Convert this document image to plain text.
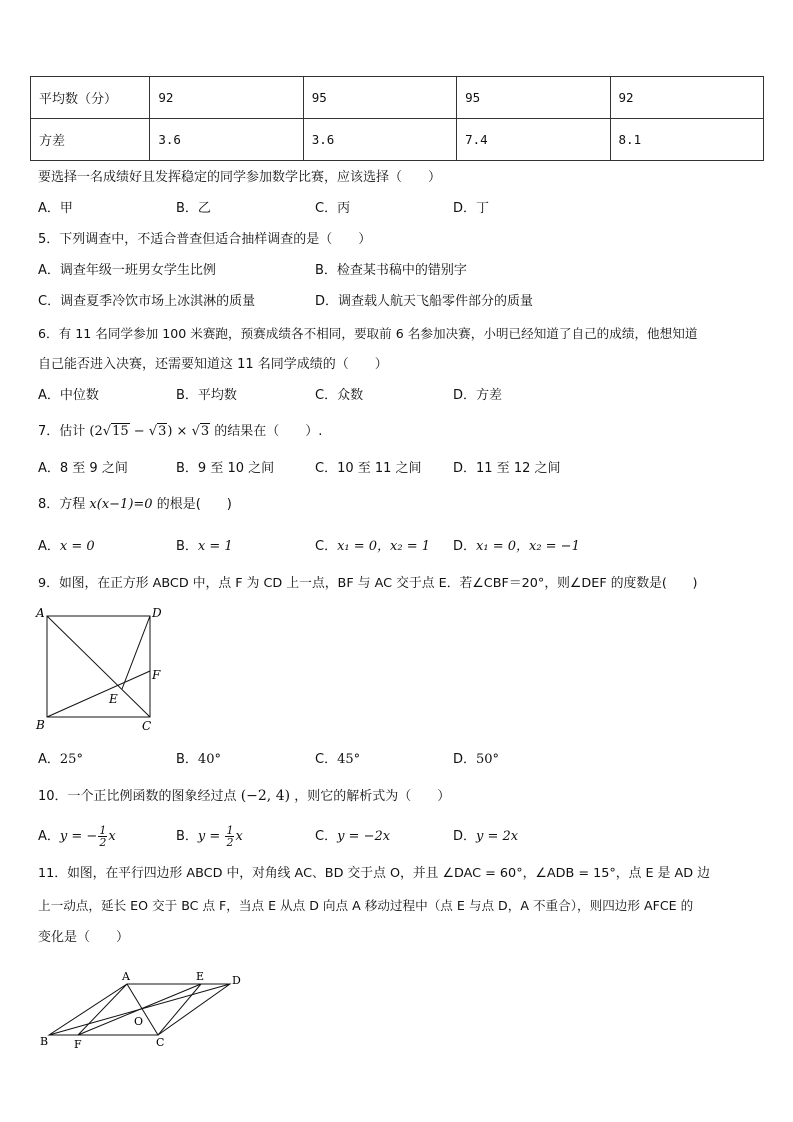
平均数（分）	92	95	95	92
方差	3.6	3.6	7.4	8.1
要选择一名成绩好且发挥稳定的同学参加数学比赛，应该选择（　　）
A．甲	B．乙	C．丙	D．丁
5．下列调查中，不适合普查但适合抽样调查的是（　　）
A．调查年级一班男女学生比例	B．检查某书稿中的错别字
C．调查夏季冷饮市场上冰淇淋的质量	D．调查载人航天飞船零件部分的质量
6．有 11 名同学参加 100 米赛跑，预赛成绩各不相同，要取前 6 名参加决赛，小明已经知道了自己的成绩，他想知道
自己能否进入决赛，还需要知道这 11 名同学成绩的（　　）
A．中位数	B．平均数	C．众数	D．方差
7．估计 (2√15 − √3) × √3 的结果在（　　）.
A．8 至 9 之间	B．9 至 10 之间	C．10 至 11 之间 D．11 至 12 之间
8．方程 x(x−1)=0 的根是(　　)
A．x = 0	B．x = 1	C．x₁ = 0，x₂ = 1 D．x₁ = 0，x₂ = −1
9．如图，在正方形 ABCD 中，点 F 为 CD 上一点，BF 与 AC 交于点 E．若∠CBF＝20°，则∠DEF 的度数是(　　)
A	D
F
E
B	C
A．25°	B．40°	C．45°	D．50°
10．一个正比例函数的图象经过点 (−2, 4) ，则它的解析式为（　　）
A．y = − $\frac{1}{2}$ x	B．$y = \frac{1}{2}$ x	C．y = −2x	D．y = 2x
11．如图，在平行四边形 ABCD 中，对角线 AC、BD 交于点 O，并且 ∠DAC = 60°，∠ADB = 15°，点 E 是 AD 边
上一动点，延长 EO 交于 BC 点 F，当点 E 从点 D 向点 A 移动过程中（点 E 与点 D，A 不重合），则四边形 AFCE 的
变化是（　　）
A	E	D
O
B F	C
